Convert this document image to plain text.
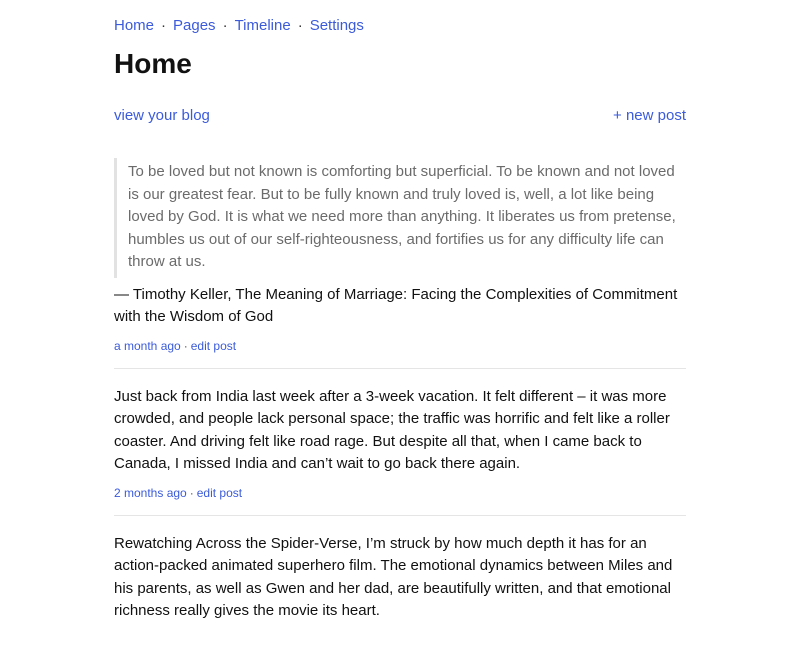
Home · Pages · Timeline · Settings
Home
view your blog	+ new post
To be loved but not known is comforting but superficial. To be known and not loved is our greatest fear. But to be fully known and truly loved is, well, a lot like being loved by God. It is what we need more than anything. It liberates us from pretense, humbles us out of our self-righteousness, and fortifies us for any difficulty life can throw at us.

— Timothy Keller, The Meaning of Marriage: Facing the Complexities of Commitment with the Wisdom of God

a month ago · edit post

Just back from India last week after a 3-week vacation. It felt different – it was more crowded, and people lack personal space; the traffic was horrific and felt like a roller coaster. And driving felt like road rage. But despite all that, when I came back to Canada, I missed India and can’t wait to go back there again.

2 months ago · edit post

Rewatching Across the Spider-Verse, I’m struck by how much depth it has for an action-packed animated superhero film. The emotional dynamics between Miles and his parents, as well as Gwen and her dad, are beautifully written, and that emotional richness really gives the movie its heart.
